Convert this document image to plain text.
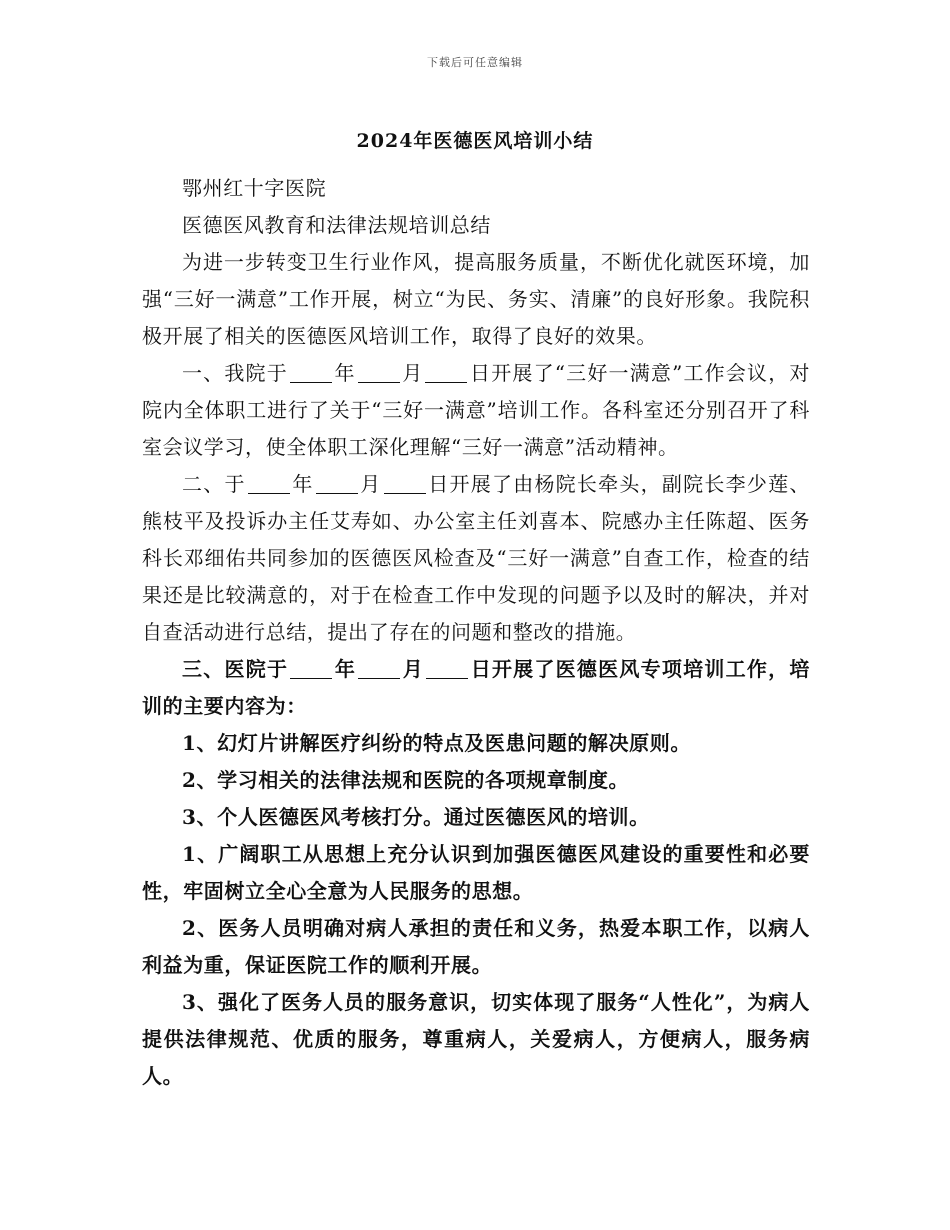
下载后可任意编辑
2024年医德医风培训小结

鄂州红十字医院

医德医风教育和法律法规培训总结

为进一步转变卫生行业作风，提高服务质量，不断优化就医环境，加强“三好一满意”工作开展，树立“为民、务实、清廉”的良好形象。我院积极开展了相关的医德医风培训工作，取得了良好的效果。

一、我院于 年 月 日开展了“三好一满意”工作会议，对院内全体职工进行了关于“三好一满意”培训工作。各科室还分别召开了科室会议学习，使全体职工深化理解“三好一满意”活动精神。

二、于 年 月 日开展了由杨院长牵头，副院长李少莲、熊枝平及投诉办主任艾寿如、办公室主任刘喜本、院感办主任陈超、医务科长邓细佑共同参加的医德医风检查及“三好一满意”自查工作，检查的结果还是比较满意的，对于在检查工作中发现的问题予以及时的解决，并对自查活动进行总结，提出了存在的问题和整改的措施。

三、医院于 年 月 日开展了医德医风专项培训工作，培训的主要内容为：

1、幻灯片讲解医疗纠纷的特点及医患问题的解决原则。

2、学习相关的法律法规和医院的各项规章制度。

3、个人医德医风考核打分。通过医德医风的培训。

1、广阔职工从思想上充分认识到加强医德医风建设的重要性和必要性，牢固树立全心全意为人民服务的思想。

2、医务人员明确对病人承担的责任和义务，热爱本职工作，以病人利益为重，保证医院工作的顺利开展。

3、强化了医务人员的服务意识，切实体现了服务“人性化”，为病人提供法律规范、优质的服务，尊重病人，关爱病人，方便病人，服务病人。
